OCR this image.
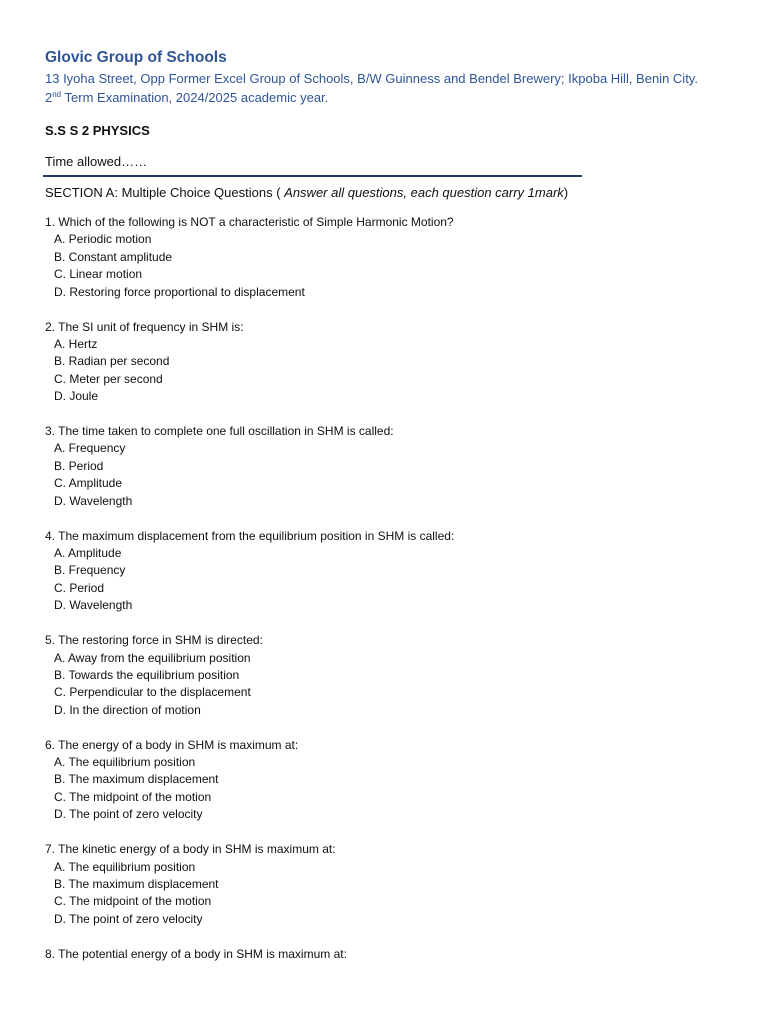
Glovic Group of Schools
13 Iyoha Street, Opp Former Excel Group of Schools, B/W Guinness and Bendel Brewery; Ikpoba Hill, Benin City.
2nd Term Examination, 2024/2025 academic year.
S.S S 2 PHYSICS
Time allowed……
SECTION A: Multiple Choice Questions ( Answer all questions, each question carry 1mark)
1. Which of the following is NOT a characteristic of Simple Harmonic Motion?
A. Periodic motion
B. Constant amplitude
C. Linear motion
D. Restoring force proportional to displacement
2. The SI unit of frequency in SHM is:
A. Hertz
B. Radian per second
C. Meter per second
D. Joule
3. The time taken to complete one full oscillation in SHM is called:
A. Frequency
B. Period
C. Amplitude
D. Wavelength
4. The maximum displacement from the equilibrium position in SHM is called:
A. Amplitude
B. Frequency
C. Period
D. Wavelength
5. The restoring force in SHM is directed:
A. Away from the equilibrium position
B. Towards the equilibrium position
C. Perpendicular to the displacement
D. In the direction of motion
6. The energy of a body in SHM is maximum at:
A. The equilibrium position
B. The maximum displacement
C. The midpoint of the motion
D. The point of zero velocity
7. The kinetic energy of a body in SHM is maximum at:
A. The equilibrium position
B. The maximum displacement
C. The midpoint of the motion
D. The point of zero velocity
8. The potential energy of a body in SHM is maximum at:
